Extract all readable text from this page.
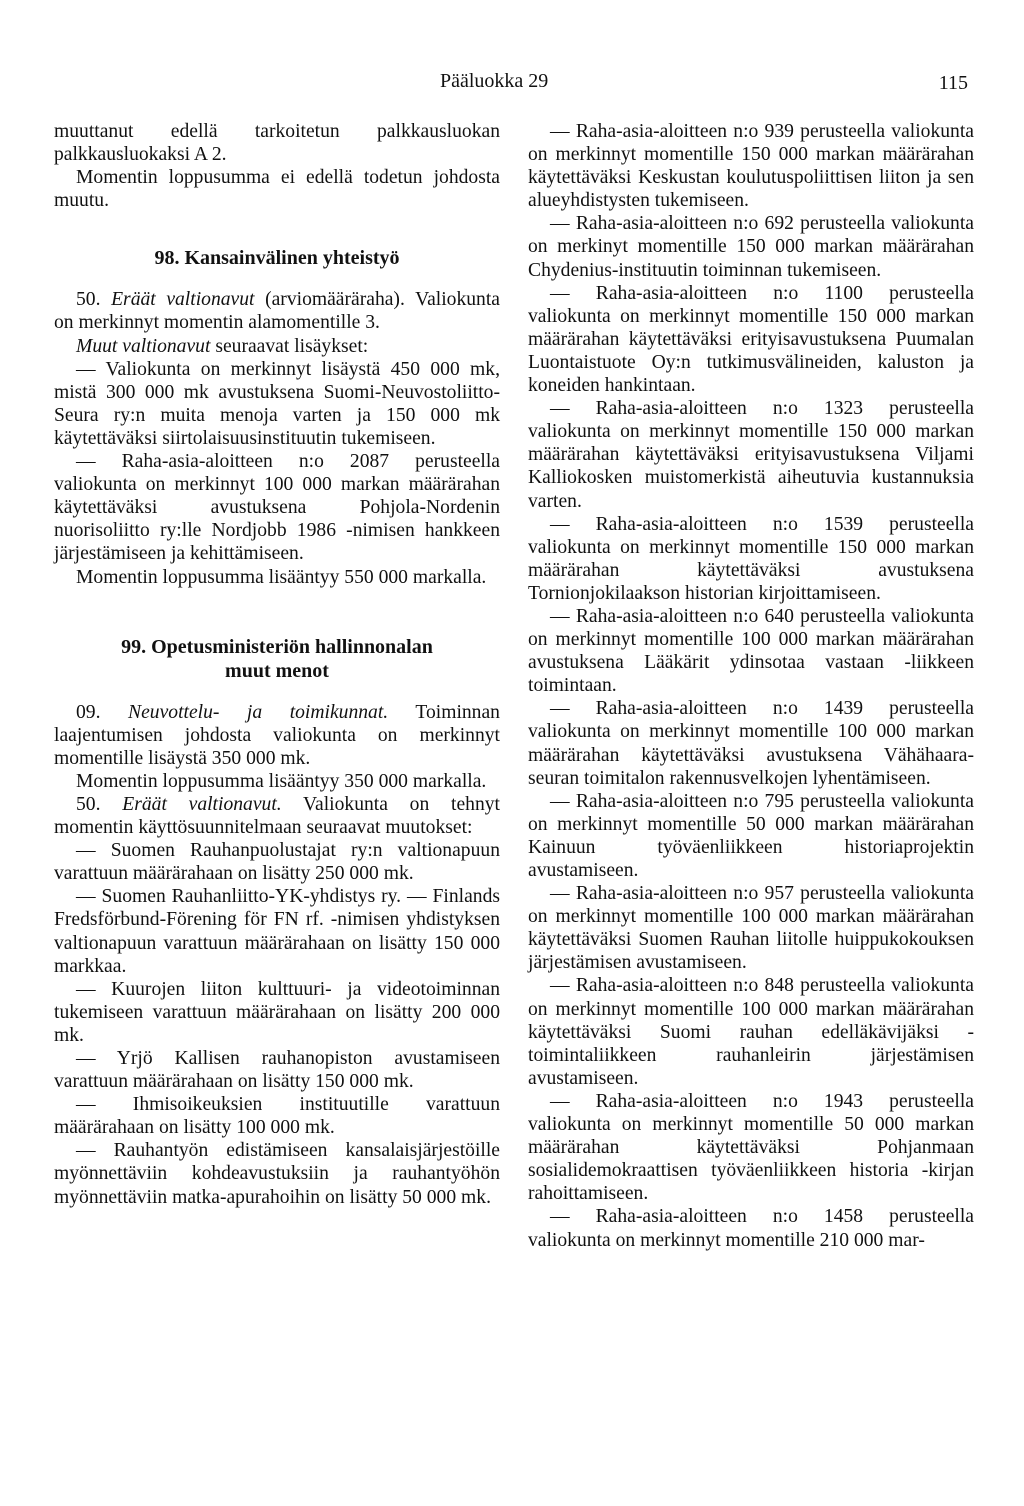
Pääluokka 29	115

muuttanut edellä tarkoitetun palkkausluokan palkkausluokaksi A 2.

Momentin loppusumma ei edellä todetun johdosta muutu.

98. Kansainvälinen yhteistyö

50. Eräät valtionavut (arviomääräraha). Valiokunta on merkinnyt momentin alamomentille 3.

Muut valtionavut seuraavat lisäykset:

— Valiokunta on merkinnyt lisäystä 450 000 mk, mistä 300 000 mk avustuksena Suomi-Neuvostoliitto-Seura ry:n muita menoja varten ja 150 000 mk käytettäväksi siirtolaisuusinstituutin tukemiseen.

— Raha-asia-aloitteen n:o 2087 perusteella valiokunta on merkinnyt 100 000 markan määrärahan käytettäväksi avustuksena Pohjola-Nordenin nuorisoliitto ry:lle Nordjobb 1986 -nimisen hankkeen järjestämiseen ja kehittämiseen.

Momentin loppusumma lisääntyy 550 000 markalla.

99. Opetusministeriön hallinnonalan

muut menot

09. Neuvottelu- ja toimikunnat. Toiminnan laajentumisen johdosta valiokunta on merkinnyt momentille lisäystä 350 000 mk.

Momentin loppusumma lisääntyy 350 000 markalla.

50. Eräät valtionavut. Valiokunta on tehnyt momentin käyttösuunnitelmaan seuraavat muutokset:

— Suomen Rauhanpuolustajat ry:n valtionapuun varattuun määrärahaan on lisätty 250 000 mk.

— Suomen Rauhanliitto-YK-yhdistys ry. — Finlands Fredsförbund-Förening för FN rf. -nimisen yhdistyksen valtionapuun varattuun määrärahaan on lisätty 150 000 markkaa.

— Kuurojen liiton kulttuuri- ja videotoiminnan tukemiseen varattuun määrärahaan on lisätty 200 000 mk.

— Yrjö Kallisen rauhanopiston avustamiseen varattuun määrärahaan on lisätty 150 000 mk.

— Ihmisoikeuksien instituutille varattuun määrärahaan on lisätty 100 000 mk.

— Rauhantyön edistämiseen kansalaisjärjestöille myönnettäviin kohdeavustuksiin ja rauhantyöhön myönnettäviin matka-apurahoihin on lisätty 50 000 mk.

— Raha-asia-aloitteen n:o 939 perusteella valiokunta on merkinnyt momentille 150 000 markan määrärahan käytettäväksi Keskustan koulutuspoliittisen liiton ja sen alueyhdistysten tukemiseen.

— Raha-asia-aloitteen n:o 692 perusteella valiokunta on merkinyt momentille 150 000 markan määrärahan Chydenius-instituutin toiminnan tukemiseen.

— Raha-asia-aloitteen n:o 1100 perusteella valiokunta on merkinnyt momentille 150 000 markan määrärahan käytettäväksi erityisavustuksena Puumalan Luontaistuote Oy:n tutkimusvälineiden, kaluston ja koneiden hankintaan.

— Raha-asia-aloitteen n:o 1323 perusteella valiokunta on merkinnyt momentille 150 000 markan määrärahan käytettäväksi erityisavustuksena Viljami Kalliokosken muistomerkistä aiheutuvia kustannuksia varten.

— Raha-asia-aloitteen n:o 1539 perusteella valiokunta on merkinnyt momentille 150 000 markan määrärahan käytettäväksi avustuksena Tornionjokilaakson historian kirjoittamiseen.

— Raha-asia-aloitteen n:o 640 perusteella valiokunta on merkinnyt momentille 100 000 markan määrärahan avustuksena Lääkärit ydinsotaa vastaan -liikkeen toimintaan.

— Raha-asia-aloitteen n:o 1439 perusteella valiokunta on merkinnyt momentille 100 000 markan määrärahan käytettäväksi avustuksena Vähähaara-seuran toimitalon rakennusvelkojen lyhentämiseen.

— Raha-asia-aloitteen n:o 795 perusteella valiokunta on merkinnyt momentille 50 000 markan määrärahan Kainuun työväenliikkeen historiaprojektin avustamiseen.

— Raha-asia-aloitteen n:o 957 perusteella valiokunta on merkinnyt momentille 100 000 markan määrärahan käytettäväksi Suomen Rauhan liitolle huippukokouksen järjestämisen avustamiseen.

— Raha-asia-aloitteen n:o 848 perusteella valiokunta on merkinnyt momentille 100 000 markan määrärahan käytettäväksi Suomi rauhan edelläkävijäksi -toimintaliikkeen rauhanleirin järjestämisen avustamiseen.

— Raha-asia-aloitteen n:o 1943 perusteella valiokunta on merkinnyt momentille 50 000 markan määrärahan käytettäväksi Pohjanmaan sosialidemokraattisen työväenliikkeen historia -kirjan rahoittamiseen.

— Raha-asia-aloitteen n:o 1458 perusteella valiokunta on merkinnyt momentille 210 000 mar-
